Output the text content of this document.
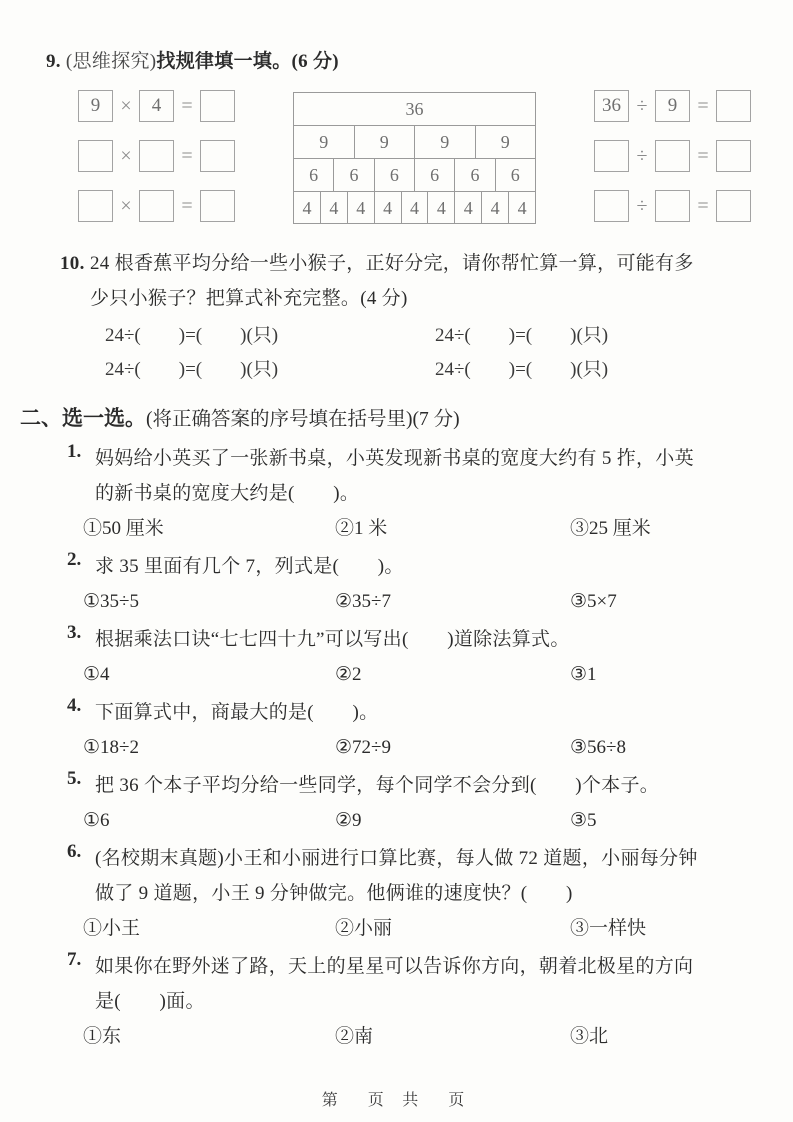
9. (思维探究)找规律填一填。(6 分)
9	×	4	=
×	=
×	=
36
9	9	9	9
6	6	6	6	6	6
4 4 4 4 4 4 4 4 4
36 ÷	9	=
÷	=
÷	=
10. 24 根香蕉平均分给一些小猴子，正好分完，请你帮忙算一算，可能有多
少只小猴子？把算式补充完整。(4 分)
24÷(　　)=(　　)(只)	24÷(　　)=(　　)(只)
24÷(　　)=(　　)(只)	24÷(　　)=(　　)(只)
二、选一选。(将正确答案的序号填在括号里)(7 分)
1. 妈妈给小英买了一张新书桌，小英发现新书桌的宽度大约有 5 拃，小英
的新书桌的宽度大约是(　　)。
①50 厘米	②1 米	③25 厘米
2. 求 35 里面有几个 7，列式是(　　)。
①35÷5	②35÷7	③5×7
3. 根据乘法口诀“七七四十九”可以写出(　　)道除法算式。
①4	②2	③1
4. 下面算式中，商最大的是(　　)。
①18÷2	②72÷9	③56÷8
5. 把 36 个本子平均分给一些同学，每个同学不会分到(　　)个本子。
①6	②9	③5
6. (名校期末真题)小王和小丽进行口算比赛，每人做 72 道题，小丽每分钟
做了 9 道题，小王 9 分钟做完。他俩谁的速度快？(　　)
①小王	②小丽	③一样快
7. 如果你在野外迷了路，天上的星星可以告诉你方向，朝着北极星的方向
是(　　)面。
①东	②南	③北
第　页 共　页
